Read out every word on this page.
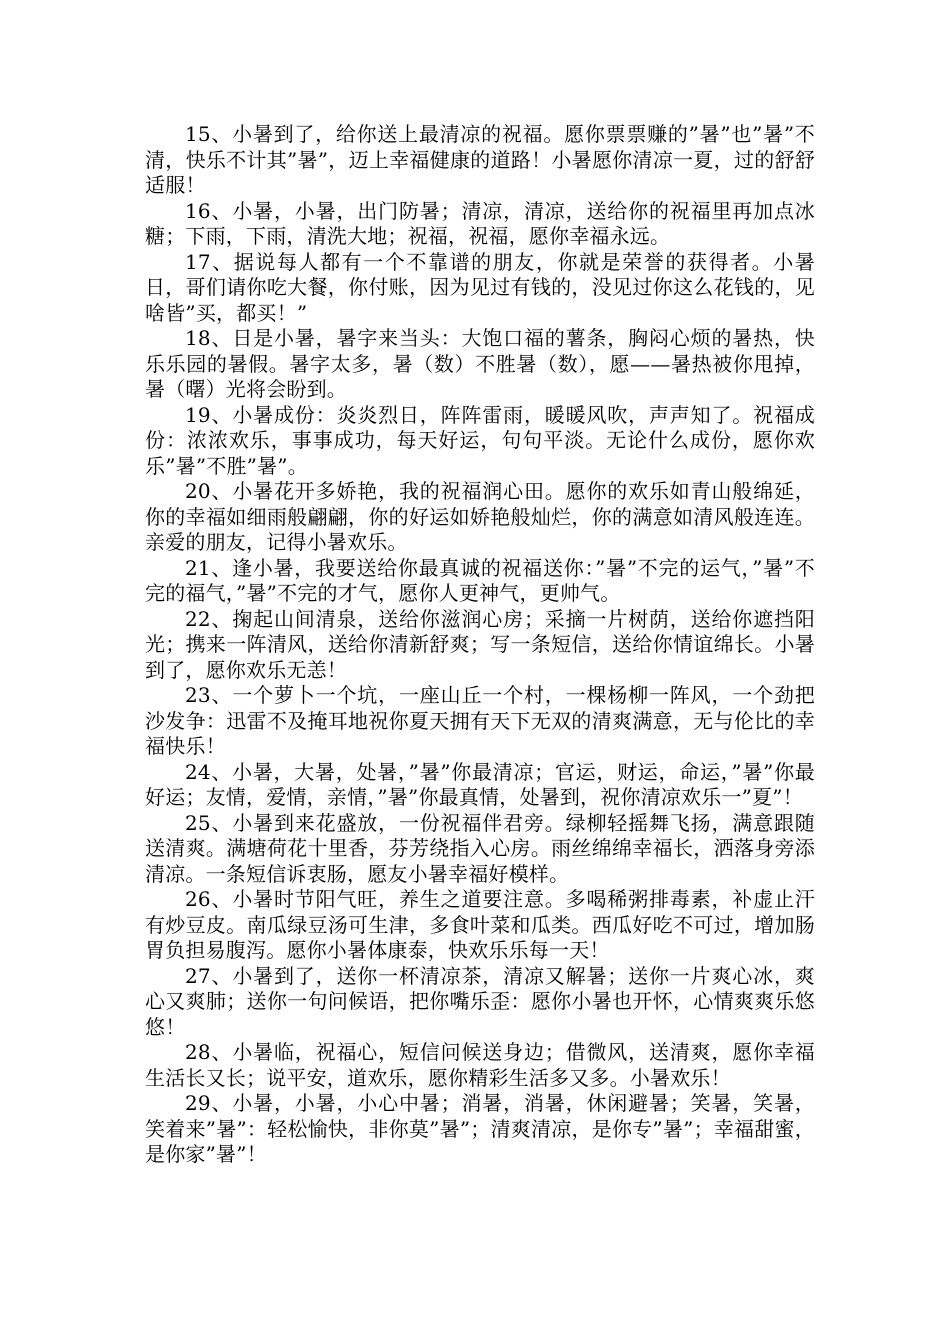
15、小暑到了，给你送上最清凉的祝福。愿你票票赚的”暑”也”暑”不清，快乐不计其”暑”，迈上幸福健康的道路！小暑愿你清凉一夏，过的舒舒适服！

16、小暑，小暑，出门防暑；清凉，清凉，送给你的祝福里再加点冰糖；下雨，下雨，清洗大地；祝福，祝福，愿你幸福永远。

17、据说每人都有一个不靠谱的朋友，你就是荣誉的获得者。小暑日，哥们请你吃大餐，你付账，因为见过有钱的，没见过你这么花钱的，见啥皆”买，都买！”

18、日是小暑，暑字来当头：大饱口福的薯条，胸闷心烦的暑热，快乐乐园的暑假。暑字太多，暑（数）不胜暑（数），愿——暑热被你甩掉，暑（曙）光将会盼到。

19、小暑成份：炎炎烈日，阵阵雷雨，暖暖风吹，声声知了。祝福成份：浓浓欢乐，事事成功，每天好运，句句平淡。无论什么成份，愿你欢乐”暑”不胜”暑”。

20、小暑花开多娇艳，我的祝福润心田。愿你的欢乐如青山般绵延，你的幸福如细雨般翩翩，你的好运如娇艳般灿烂，你的满意如清风般连连。亲爱的朋友，记得小暑欢乐。

21、逢小暑，我要送给你最真诚的祝福送你：”暑”不完的运气，”暑”不完的福气，”暑”不完的才气，愿你人更神气，更帅气。

22、掬起山间清泉，送给你滋润心房；采摘一片树荫，送给你遮挡阳光；携来一阵清风，送给你清新舒爽；写一条短信，送给你情谊绵长。小暑到了，愿你欢乐无恙！

23、一个萝卜一个坑，一座山丘一个村，一棵杨柳一阵风，一个劲把沙发争：迅雷不及掩耳地祝你夏天拥有天下无双的清爽满意，无与伦比的幸福快乐！

24、小暑，大暑，处暑，”暑”你最清凉；官运，财运，命运，”暑”你最好运；友情，爱情，亲情，”暑”你最真情，处暑到，祝你清凉欢乐一”夏”！

25、小暑到来花盛放，一份祝福伴君旁。绿柳轻摇舞飞扬，满意跟随送清爽。满塘荷花十里香，芬芳绕指入心房。雨丝绵绵幸福长，洒落身旁添清凉。一条短信诉衷肠，愿友小暑幸福好模样。

26、小暑时节阳气旺，养生之道要注意。多喝稀粥排毒素，补虚止汗有炒豆皮。南瓜绿豆汤可生津，多食叶菜和瓜类。西瓜好吃不可过，增加肠胃负担易腹泻。愿你小暑体康泰，快欢乐乐每一天！

27、小暑到了，送你一杯清凉茶，清凉又解暑；送你一片爽心冰，爽心又爽肺；送你一句问候语，把你嘴乐歪：愿你小暑也开怀，心情爽爽乐悠悠！

28、小暑临，祝福心，短信问候送身边；借微风，送清爽，愿你幸福生活长又长；说平安，道欢乐，愿你精彩生活多又多。小暑欢乐！

29、小暑，小暑，小心中暑；消暑，消暑，休闲避暑；笑暑，笑暑，笑着来”暑”：轻松愉快，非你莫”暑”；清爽清凉，是你专”暑”；幸福甜蜜，是你家”暑”！
